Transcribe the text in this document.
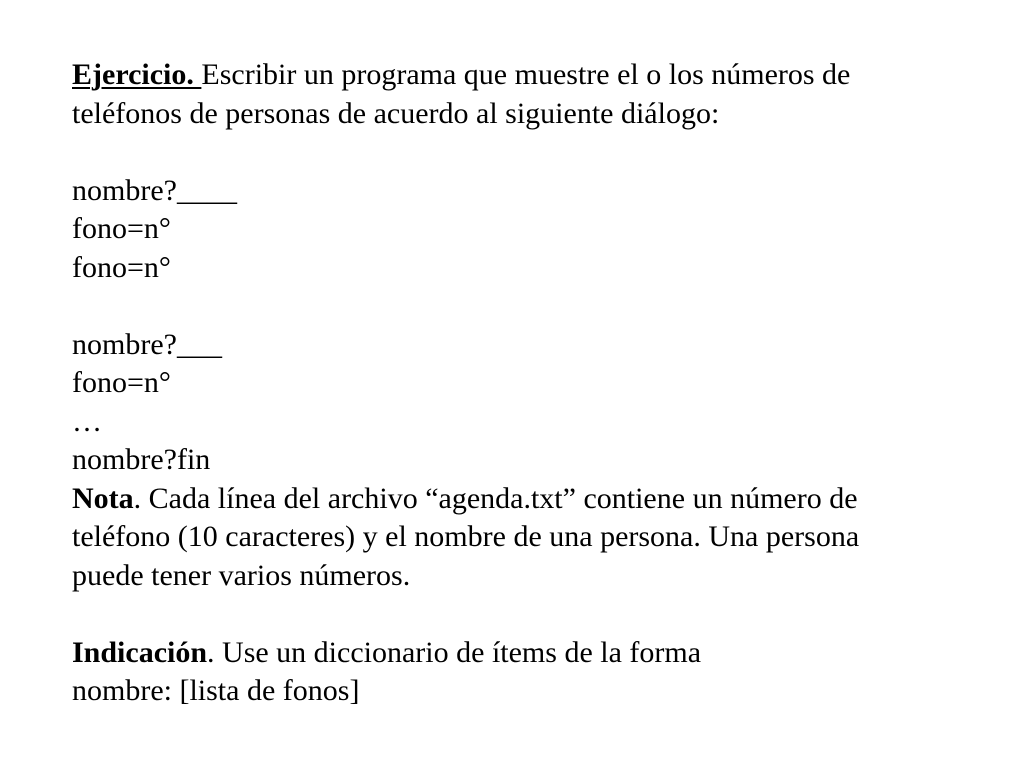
Ejercicio. Escribir un programa que muestre el o los números de
teléfonos de personas de acuerdo al siguiente diálogo:
nombre?____
fono=n°
fono=n°
nombre?___
fono=n°
…
nombre?fin
Nota. Cada línea del archivo “agenda.txt” contiene un número de
teléfono (10 caracteres) y el nombre de una persona. Una persona
puede tener varios números.
Indicación. Use un diccionario de ítems de la forma
nombre: [lista de fonos]
